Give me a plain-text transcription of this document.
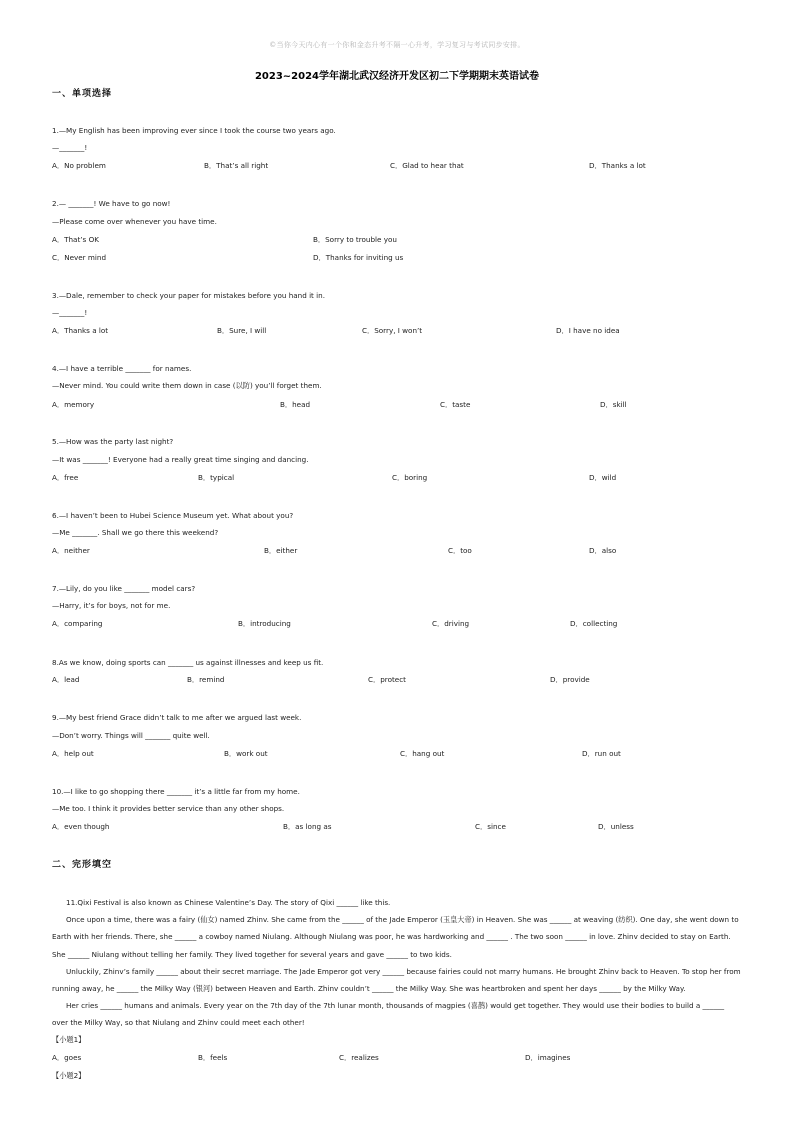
©当你今天内心有一个你和金态升考不隔一心升考，学习复习与考试同步安排。
2023~2024学年湖北武汉经济开发区初二下学期期末英语试卷
一、单项选择
1.—My English has been improving ever since I took the course two years ago.
—_______!
A．No problem	B．That’s all right	C．Glad to hear that	D．Thanks a lot
2.— _______! We have to go now!
—Please come over whenever you have time.
A．That’s OK	B．Sorry to trouble you
C．Never mind	D．Thanks for inviting us
3.—Dale, remember to check your paper for mistakes before you hand it in.
—_______!
A．Thanks a lot	B．Sure, I will	C．Sorry, I won’t	D．I have no idea
4.—I have a terrible _______ for names.
—Never mind. You could write them down in case (以防) you’ll forget them.
A．memory	B．head	C．taste	D．skill
5.—How was the party last night?
—It was _______! Everyone had a really great time singing and dancing.
A．free	B．typical	C．boring	D．wild
6.—I haven’t been to Hubei Science Museum yet. What about you?
—Me _______. Shall we go there this weekend?
A．neither	B．either	C．too	D．also
7.—Lily, do you like _______ model cars?
—Harry, it’s for boys, not for me.
A．comparing	B．introducing	C．driving	D．collecting
8.As we know, doing sports can _______ us against illnesses and keep us fit.
A．lead	B．remind	C．protect	D．provide
9.—My best friend Grace didn’t talk to me after we argued last week.
—Don’t worry. Things will _______ quite well.
A．help out	B．work out	C．hang out	D．run out
10.—I like to go shopping there _______ it’s a little far from my home.
—Me too. I think it provides better service than any other shops.
A．even though	B．as long as	C．since	D．unless
二、完形填空

11.Qixi Festival is also known as Chinese Valentine’s Day. The story of Qixi ______ like this.

Once upon a time, there was a fairy (仙女) named Zhinv. She came from the ______ of the Jade Emperor (玉皇大帝) in Heaven. She was ______ at weaving (纺织). One day, she went down to Earth with her friends. There, she ______ a cowboy named Niulang. Although Niulang was poor, he was hardworking and ______ . The two soon ______ in love. Zhinv decided to stay on Earth. She ______ Niulang without telling her family. They lived together for several years and gave ______ to two kids.

Unluckily, Zhinv’s family ______ about their secret marriage. The Jade Emperor got very ______ because fairies could not marry humans. He brought Zhinv back to Heaven. To stop her from running away, he ______ the Milky Way (银河) between Heaven and Earth. Zhinv couldn’t ______ the Milky Way. She was heartbroken and spent her days ______ by the Milky Way.

Her cries ______ humans and animals. Every year on the 7th day of the 7th lunar month, thousands of magpies (喜鹊) would get together. They would use their bodies to build a ______ over the Milky Way, so that Niulang and Zhinv could meet each other!

【小题1】
A．goes	B．feels	C．realizes	D．imagines
【小题2】
